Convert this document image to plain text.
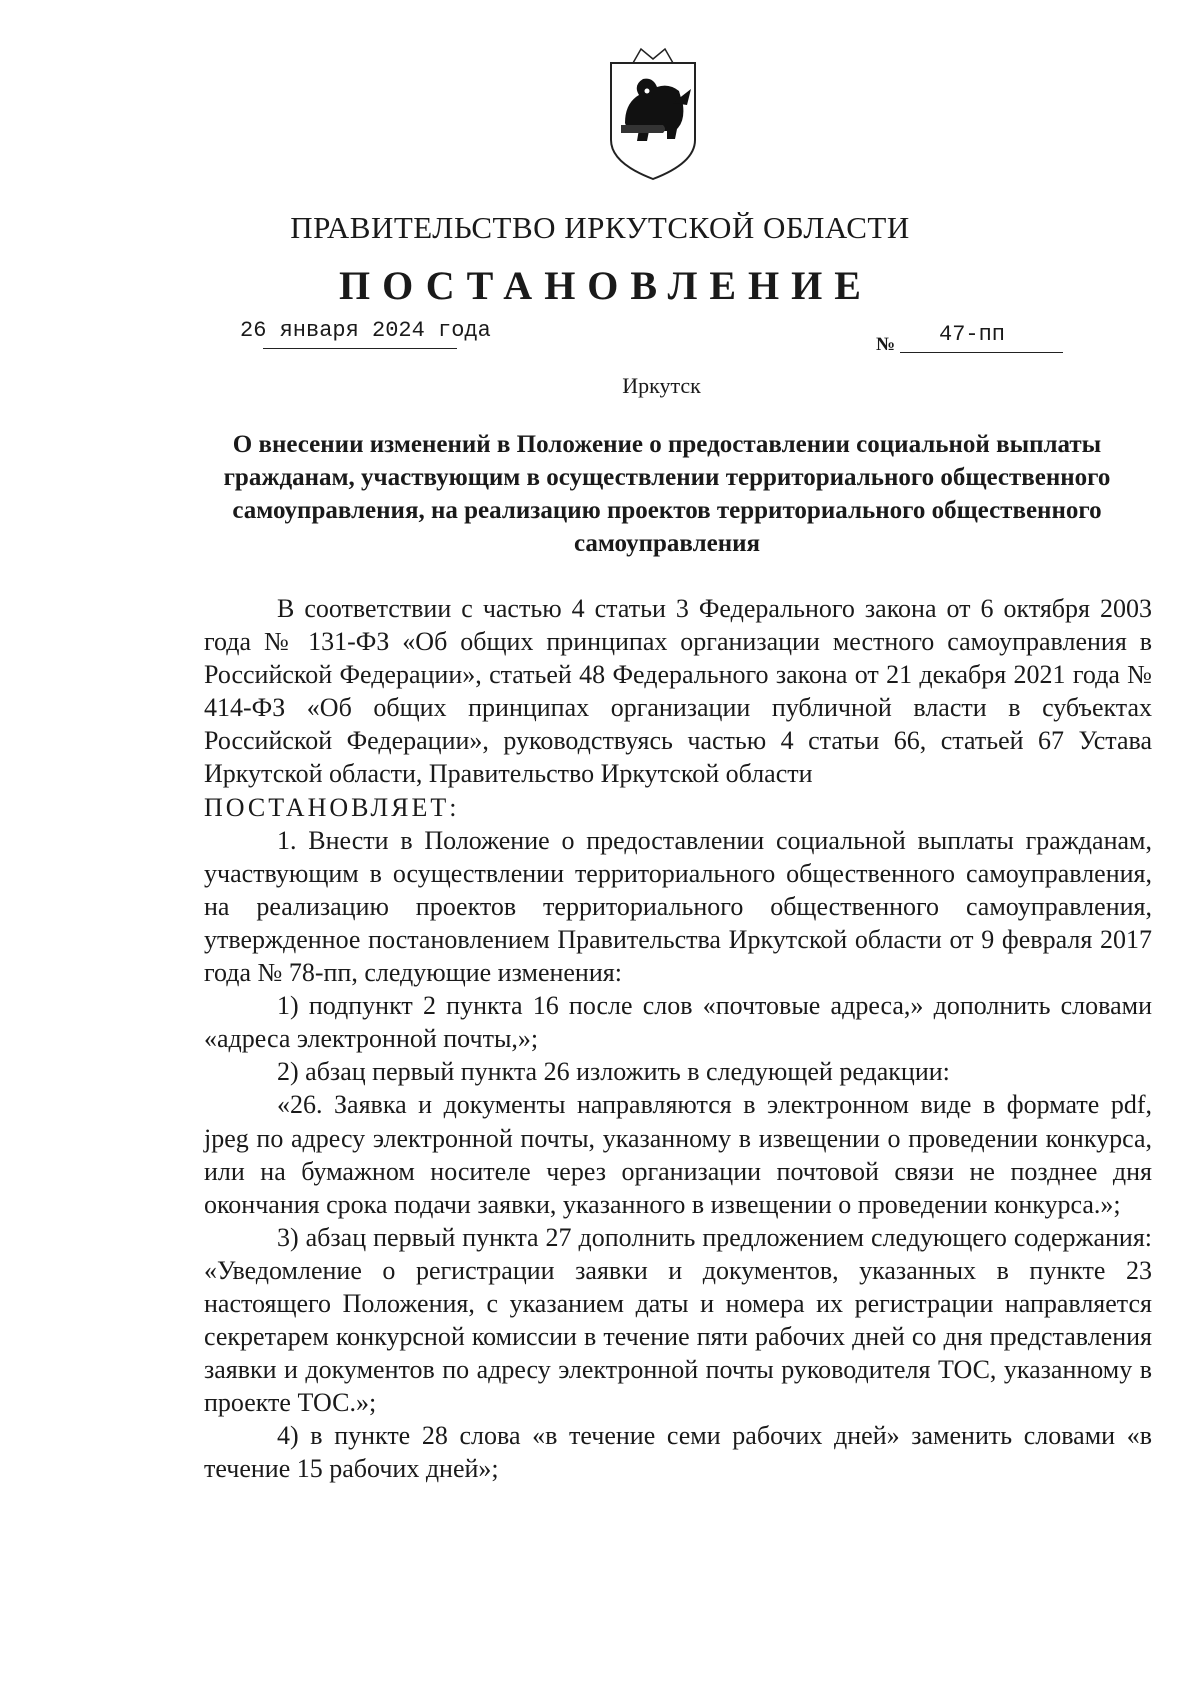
ПРАВИТЕЛЬСТВО ИРКУТСКОЙ ОБЛАСТИ
ПОСТАНОВЛЕНИЕ
26 января 2024 года
№ 47-пп
Иркутск
О внесении изменений в Положение о предоставлении социальной выплаты гражданам, участвующим в осуществлении территориального общественного самоуправления, на реализацию проектов территориального общественного самоуправления

В соответствии с частью 4 статьи 3 Федерального закона от 6 октября 2003 года № 131-ФЗ «Об общих принципах организации местного самоуправления в Российской Федерации», статьей 48 Федерального закона от 21 декабря 2021 года № 414-ФЗ «Об общих принципах организации публичной власти в субъектах Российской Федерации», руководствуясь частью 4 статьи 66, статьей 67 Устава Иркутской области, Правительство Иркутской области

ПОСТАНОВЛЯЕТ:

1. Внести в Положение о предоставлении социальной выплаты гражданам, участвующим в осуществлении территориального общественного самоуправления, на реализацию проектов территориального общественного самоуправления, утвержденное постановлением Правительства Иркутской области от 9 февраля 2017 года № 78-пп, следующие изменения:

1) подпункт 2 пункта 16 после слов «почтовые адреса,» дополнить словами «адреса электронной почты,»;

2) абзац первый пункта 26 изложить в следующей редакции:

«26. Заявка и документы направляются в электронном виде в формате pdf, jpeg по адресу электронной почты, указанному в извещении о проведении конкурса, или на бумажном носителе через организации почтовой связи не позднее дня окончания срока подачи заявки, указанного в извещении о проведении конкурса.»;

3) абзац первый пункта 27 дополнить предложением следующего содержания: «Уведомление о регистрации заявки и документов, указанных в пункте 23 настоящего Положения, с указанием даты и номера их регистрации направляется секретарем конкурсной комиссии в течение пяти рабочих дней со дня представления заявки и документов по адресу электронной почты руководителя ТОС, указанному в проекте ТОС.»;

4) в пункте 28 слова «в течение семи рабочих дней» заменить словами «в течение 15 рабочих дней»;
